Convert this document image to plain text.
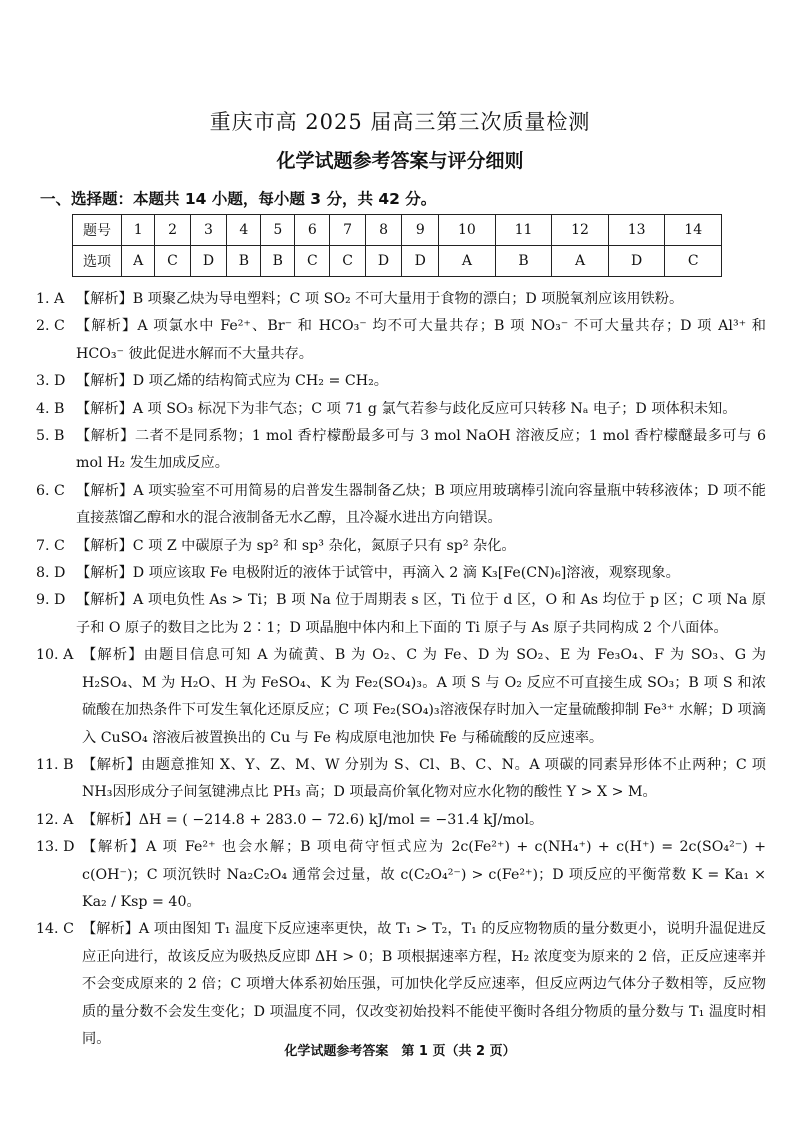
重庆市高 2025 届高三第三次质量检测
化学试题参考答案与评分细则
一、选择题：本题共 14 小题，每小题 3 分，共 42 分。
题号	1	2	3	4	5	6	7	8	9	10	11	12	13	14
选项	A	C	D	B	B	C	C	D	D	A	B	A	D	C
1. A 【解析】B 项聚乙炔为导电塑料；C 项 SO₂ 不可大量用于食物的漂白；D 项脱氧剂应该用铁粉。
2. C 【解析】A 项氯水中 Fe²⁺、Br⁻ 和 HCO₃⁻ 均不可大量共存；B 项 NO₃⁻ 不可大量共存；D 项 Al³⁺ 和 HCO₃⁻ 彼此促进水解而不大量共存。
3. D 【解析】D 项乙烯的结构简式应为 CH₂ = CH₂。
4. B 【解析】A 项 SO₃ 标况下为非气态；C 项 71 g 氯气若参与歧化反应可只转移 Nₐ 电子；D 项体积未知。
5. B 【解析】二者不是同系物；1 mol 香柠檬酚最多可与 3 mol NaOH 溶液反应；1 mol 香柠檬醚最多可与 6 mol H₂ 发生加成反应。
6. C 【解析】A 项实验室不可用简易的启普发生器制备乙炔；B 项应用玻璃棒引流向容量瓶中转移液体；D 项不能直接蒸馏乙醇和水的混合液制备无水乙醇，且冷凝水进出方向错误。
7. C 【解析】C 项 Z 中碳原子为 sp² 和 sp³ 杂化，氮原子只有 sp² 杂化。
8. D 【解析】D 项应该取 Fe 电极附近的液体于试管中，再滴入 2 滴 K₃[Fe(CN)₆]溶液，观察现象。
9. D 【解析】A 项电负性 As > Ti；B 项 Na 位于周期表 s 区，Ti 位于 d 区，O 和 As 均位于 p 区；C 项 Na 原子和 O 原子的数目之比为 2∶1；D 项晶胞中体内和上下面的 Ti 原子与 As 原子共同构成 2 个八面体。
10. A 【解析】由题目信息可知 A 为硫黄、B 为 O₂、C 为 Fe、D 为 SO₂、E 为 Fe₃O₄、F 为 SO₃、G 为 H₂SO₄、M 为 H₂O、H 为 FeSO₄、K 为 Fe₂(SO₄)₃。A 项 S 与 O₂ 反应不可直接生成 SO₃；B 项 S 和浓硫酸在加热条件下可发生氧化还原反应；C 项 Fe₂(SO₄)₃溶液保存时加入一定量硫酸抑制 Fe³⁺ 水解；D 项滴入 CuSO₄ 溶液后被置换出的 Cu 与 Fe 构成原电池加快 Fe 与稀硫酸的反应速率。
11. B 【解析】由题意推知 X、Y、Z、M、W 分别为 S、Cl、B、C、N。A 项碳的同素异形体不止两种；C 项 NH₃因形成分子间氢键沸点比 PH₃ 高；D 项最高价氧化物对应水化物的酸性 Y > X > M。
12. A 【解析】ΔH = ( −214.8 + 283.0 − 72.6) kJ/mol = −31.4 kJ/mol。
13. D 【解析】A 项 Fe²⁺ 也会水解；B 项电荷守恒式应为 2c(Fe²⁺) + c(NH₄⁺) + c(H⁺) = 2c(SO₄²⁻) + c(OH⁻)；C 项沉铁时 Na₂C₂O₄ 通常会过量，故 c(C₂O₄²⁻) > c(Fe²⁺)；D 项反应的平衡常数 K = Ka₁ × Ka₂ / Ksp = 40。
14. C 【解析】A 项由图知 T₁ 温度下反应速率更快，故 T₁ > T₂，T₁ 的反应物物质的量分数更小，说明升温促进反应正向进行，故该反应为吸热反应即 ΔH > 0；B 项根据速率方程，H₂ 浓度变为原来的 2 倍，正反应速率并不会变成原来的 2 倍；C 项增大体系初始压强，可加快化学反应速率，但反应两边气体分子数相等，反应物质的量分数不会发生变化；D 项温度不同，仅改变初始投料不能使平衡时各组分物质的量分数与 T₁ 温度时相同。
化学试题参考答案　第 1 页（共 2 页）
